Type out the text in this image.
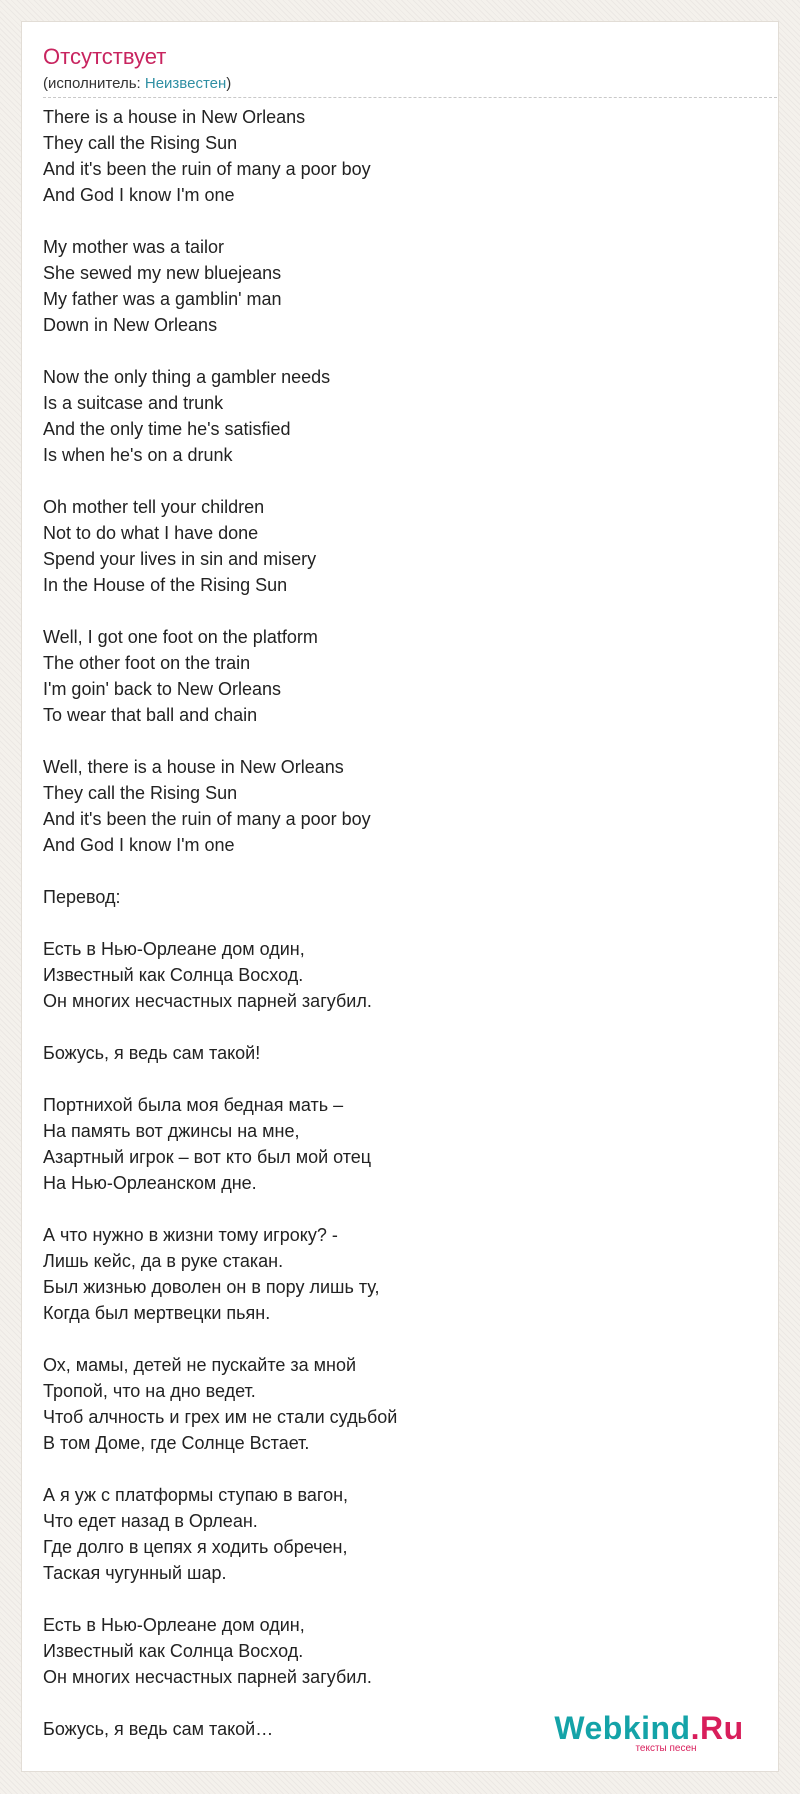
Отсутствует
(исполнитель: Неизвестен)
There is a house in New Orleans
They call the Rising Sun
And it's been the ruin of many a poor boy
And God I know I'm one
My mother was a tailor
She sewed my new bluejeans
My father was a gamblin' man
Down in New Orleans
Now the only thing a gambler needs
Is a suitcase and trunk
And the only time he's satisfied
Is when he's on a drunk
Oh mother tell your children
Not to do what I have done
Spend your lives in sin and misery
In the House of the Rising Sun
Well, I got one foot on the platform
The other foot on the train
I'm goin' back to New Orleans
To wear that ball and chain
Well, there is a house in New Orleans
They call the Rising Sun
And it's been the ruin of many a poor boy
And God I know I'm one
Перевод:
Есть в Нью-Орлеане дом один,
Известный как Солнца Восход.
Он многих несчастных парней загубил.
Божусь, я ведь сам такой!
Портнихой была моя бедная мать –
На память вот джинсы на мне,
Азартный игрок – вот кто был мой отец
На Нью-Орлеанском дне.
А что нужно в жизни тому игроку? -
Лишь кейс, да в руке стакан.
Был жизнью доволен он в пору лишь ту,
Когда был мертвецки пьян.
Ох, мамы, детей не пускайте за мной
Тропой, что на дно ведет.
Чтоб алчность и грех им не стали судьбой
В том Доме, где Солнце Встает.
А я уж с платформы ступаю в вагон,
Что едет назад в Орлеан.
Где долго в цепях я ходить обречен,
Таская чугунный шар.
Есть в Нью-Орлеане дом один,
Известный как Солнца Восход.
Он многих несчастных парней загубил.
Божусь, я ведь сам такой…	Webkind.Ru
тексты песен
